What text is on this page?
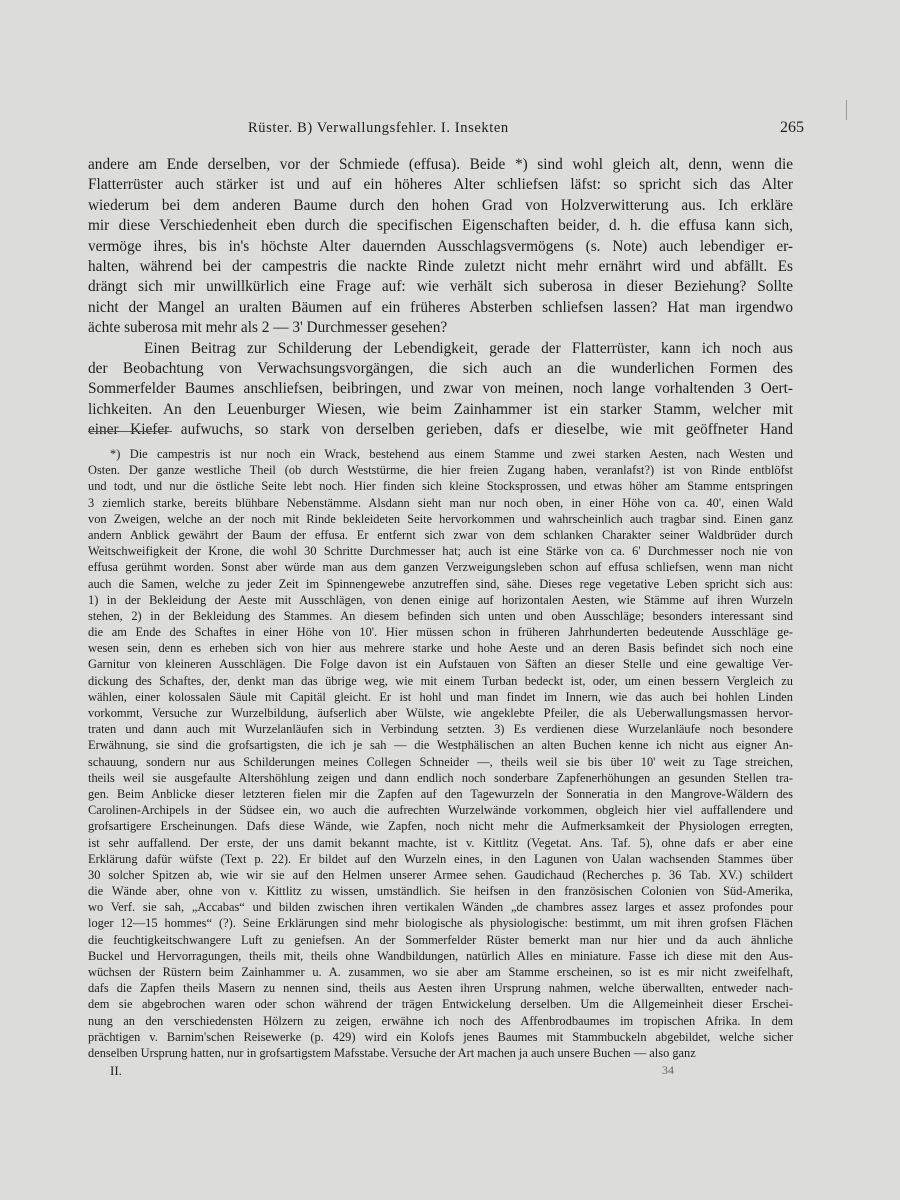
Rüster. B) Verwallungsfehler. I. Insekten	265
andere am Ende derselben, vor der Schmiede (effusa). Beide *) sind wohl gleich alt, denn, wenn die
Flatterrüster auch stärker ist und auf ein höheres Alter schliefsen läfst: so spricht sich das Alter
wiederum bei dem anderen Baume durch den hohen Grad von Holzverwitterung aus. Ich erkläre
mir diese Verschiedenheit eben durch die specifischen Eigenschaften beider, d. h. die effusa kann sich,
vermöge ihres, bis in's höchste Alter dauernden Ausschlagsvermögens (s. Note) auch lebendiger er-
halten, während bei der campestris die nackte Rinde zuletzt nicht mehr ernährt wird und abfällt. Es
drängt sich mir unwillkürlich eine Frage auf: wie verhält sich suberosa in dieser Beziehung? Sollte
nicht der Mangel an uralten Bäumen auf ein früheres Absterben schliefsen lassen? Hat man irgendwo
ächte suberosa mit mehr als 2 — 3' Durchmesser gesehen?
Einen Beitrag zur Schilderung der Lebendigkeit, gerade der Flatterrüster, kann ich noch aus
der Beobachtung von Verwachsungsvorgängen, die sich auch an die wunderlichen Formen des
Sommerfelder Baumes anschliefsen, beibringen, und zwar von meinen, noch lange vorhaltenden 3 Oert-
lichkeiten. An den Leuenburger Wiesen, wie beim Zainhammer ist ein starker Stamm, welcher mit
einer Kiefer aufwuchs, so stark von derselben gerieben, dafs er dieselbe, wie mit geöffneter Hand
*) Die campestris ist nur noch ein Wrack, bestehend aus einem Stamme und zwei starken Aesten, nach Westen und
Osten. Der ganze westliche Theil (ob durch Weststürme, die hier freien Zugang haben, veranlafst?) ist von Rinde entblöfst
und todt, und nur die östliche Seite lebt noch. Hier finden sich kleine Stocksprossen, und etwas höher am Stamme entspringen
3 ziemlich starke, bereits blühbare Nebenstämme. Alsdann sieht man nur noch oben, in einer Höhe von ca. 40', einen Wald
von Zweigen, welche an der noch mit Rinde bekleideten Seite hervorkommen und wahrscheinlich auch tragbar sind. Einen ganz
andern Anblick gewährt der Baum der effusa. Er entfernt sich zwar von dem schlanken Charakter seiner Waldbrüder durch
Weitschweifigkeit der Krone, die wohl 30 Schritte Durchmesser hat; auch ist eine Stärke von ca. 6' Durchmesser noch nie von
effusa gerühmt worden. Sonst aber würde man aus dem ganzen Verzweigungsleben schon auf effusa schliefsen, wenn man nicht
auch die Samen, welche zu jeder Zeit im Spinnengewebe anzutreffen sind, sähe. Dieses rege vegetative Leben spricht sich aus:
1) in der Bekleidung der Aeste mit Ausschlägen, von denen einige auf horizontalen Aesten, wie Stämme auf ihren Wurzeln
stehen, 2) in der Bekleidung des Stammes. An diesem befinden sich unten und oben Ausschläge; besonders interessant sind
die am Ende des Schaftes in einer Höhe von 10'. Hier müssen schon in früheren Jahrhunderten bedeutende Ausschläge ge-
wesen sein, denn es erheben sich von hier aus mehrere starke und hohe Aeste und an deren Basis befindet sich noch eine
Garnitur von kleineren Ausschlägen. Die Folge davon ist ein Aufstauen von Säften an dieser Stelle und eine gewaltige Ver-
dickung des Schaftes, der, denkt man das übrige weg, wie mit einem Turban bedeckt ist, oder, um einen bessern Vergleich zu
wählen, einer kolossalen Säule mit Capitäl gleicht. Er ist hohl und man findet im Innern, wie das auch bei hohlen Linden
vorkommt, Versuche zur Wurzelbildung, äufserlich aber Wülste, wie angeklebte Pfeiler, die als Ueberwallungsmassen hervor-
traten und dann auch mit Wurzelanläufen sich in Verbindung setzten. 3) Es verdienen diese Wurzelanläufe noch besondere
Erwähnung, sie sind die grofsartigsten, die ich je sah — die Westphälischen an alten Buchen kenne ich nicht aus eigner An-
schauung, sondern nur aus Schilderungen meines Collegen Schneider —, theils weil sie bis über 10' weit zu Tage streichen,
theils weil sie ausgefaulte Altershöhlung zeigen und dann endlich noch sonderbare Zapfenerhöhungen an gesunden Stellen tra-
gen. Beim Anblicke dieser letzteren fielen mir die Zapfen auf den Tagewurzeln der Sonneratia in den Mangrove-Wäldern des
Carolinen-Archipels in der Südsee ein, wo auch die aufrechten Wurzelwände vorkommen, obgleich hier viel auffallendere und
grofsartigere Erscheinungen. Dafs diese Wände, wie Zapfen, noch nicht mehr die Aufmerksamkeit der Physiologen erregten,
ist sehr auffallend. Der erste, der uns damit bekannt machte, ist v. Kittlitz (Vegetat. Ans. Taf. 5), ohne dafs er aber eine
Erklärung dafür wüfste (Text p. 22). Er bildet auf den Wurzeln eines, in den Lagunen von Ualan wachsenden Stammes über
30 solcher Spitzen ab, wie wir sie auf den Helmen unserer Armee sehen. Gaudichaud (Recherches p. 36 Tab. XV.) schildert
die Wände aber, ohne von v. Kittlitz zu wissen, umständlich. Sie heifsen in den französischen Colonien von Süd-Amerika,
wo Verf. sie sah, „Accabas“ und bilden zwischen ihren vertikalen Wänden „de chambres assez larges et assez profondes pour
loger 12—15 hommes“ (?). Seine Erklärungen sind mehr biologische als physiologische: bestimmt, um mit ihren grofsen Flächen
die feuchtigkeitschwangere Luft zu geniefsen. An der Sommerfelder Rüster bemerkt man nur hier und da auch ähnliche
Buckel und Hervorragungen, theils mit, theils ohne Wandbildungen, natürlich Alles en miniature. Fasse ich diese mit den Aus-
wüchsen der Rüstern beim Zainhammer u. A. zusammen, wo sie aber am Stamme erscheinen, so ist es mir nicht zweifelhaft,
dafs die Zapfen theils Masern zu nennen sind, theils aus Aesten ihren Ursprung nahmen, welche überwallten, entweder nach-
dem sie abgebrochen waren oder schon während der trägen Entwickelung derselben. Um die Allgemeinheit dieser Erschei-
nung an den verschiedensten Hölzern zu zeigen, erwähne ich noch des Affenbrodbaumes im tropischen Afrika. In dem
prächtigen v. Barnim'schen Reisewerke (p. 429) wird ein Kolofs jenes Baumes mit Stammbuckeln abgebildet, welche sicher
denselben Ursprung hatten, nur in grofsartigstem Mafsstabe. Versuche der Art machen ja auch unsere Buchen — also ganz
II.	34
